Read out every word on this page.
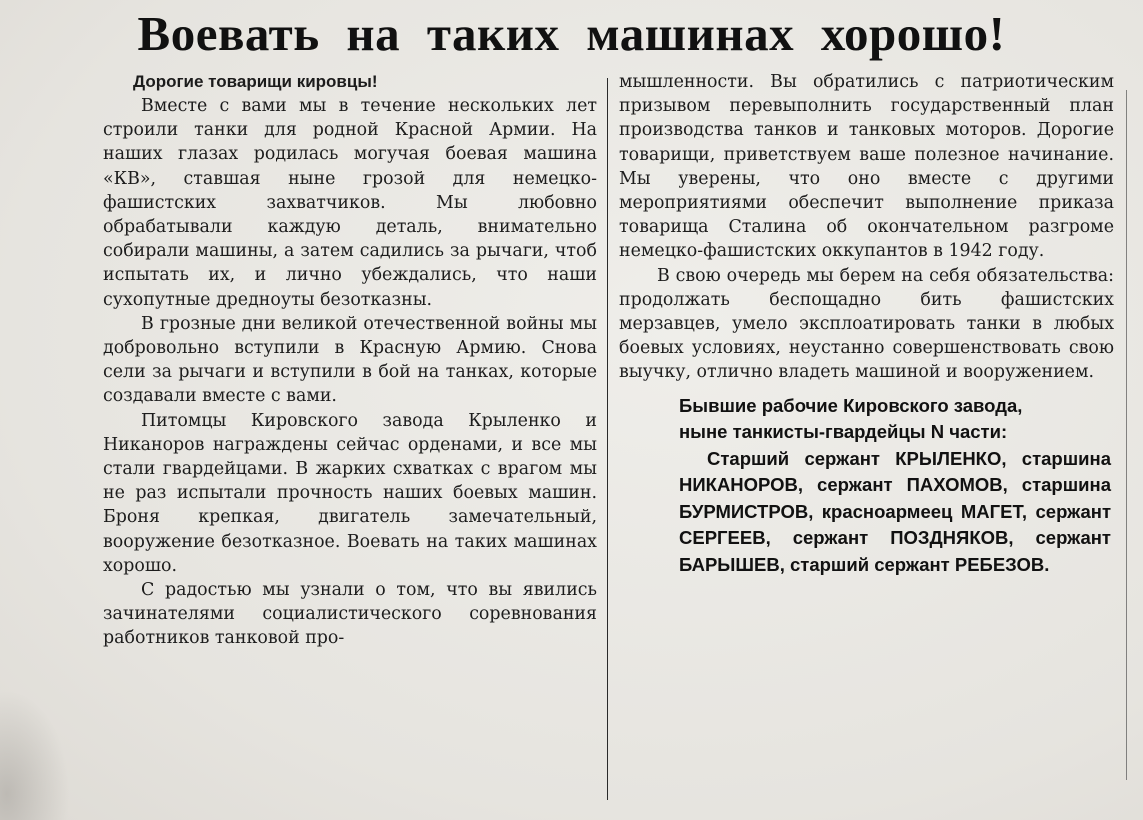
Воевать на таких машинах хорошо!

Дорогие товарищи кировцы!

Вместе с вами мы в течение нескольких лет строили танки для родной Красной Армии. На наших глазах родилась могучая боевая машина «КВ», ставшая ныне грозой для немецко-фашистских захватчиков. Мы любовно обрабатывали каждую деталь, внимательно собирали машины, а затем садились за рычаги, чтоб испытать их, и лично убеждались, что наши сухопутные дредноуты безотказны.

В грозные дни великой отечественной войны мы добровольно вступили в Красную Армию. Снова сели за рычаги и вступили в бой на танках, которые создавали вместе с вами.

Питомцы Кировского завода Крыленко и Никаноров награждены сейчас орденами, и все мы стали гвардейцами. В жарких схватках с врагом мы не раз испытали прочность наших боевых машин. Броня крепкая, двигатель замечательный, вооружение безотказное. Воевать на таких машинах хорошо.

С радостью мы узнали о том, что вы явились зачинателями социалистического соревнования работников танковой про-

мышленности. Вы обратились с патриотическим призывом перевыполнить государственный план производства танков и танковых моторов. Дорогие товарищи, приветствуем ваше полезное начинание. Мы уверены, что оно вместе с другими мероприятиями обеспечит выполнение приказа товарища Сталина об окончательном разгроме немецко-фашистских оккупантов в 1942 году.

В свою очередь мы берем на себя обязательства: продолжать беспощадно бить фашистских мерзавцев, умело эксплоатировать танки в любых боевых условиях, неустанно совершенствовать свою выучку, отлично владеть машиной и вооружением.

Бывшие рабочие Кировского завода,

ныне танкисты-гвардейцы N части:

Старший сержант КРЫЛЕНКО, старшина НИКАНОРОВ, сержант ПАХОМОВ, старшина БУРМИСТРОВ, красноармеец МАГЕТ, сержант СЕРГЕЕВ, сержант ПОЗДНЯКОВ, сержант БАРЫШЕВ, старший сержант РЕБЕЗОВ.
